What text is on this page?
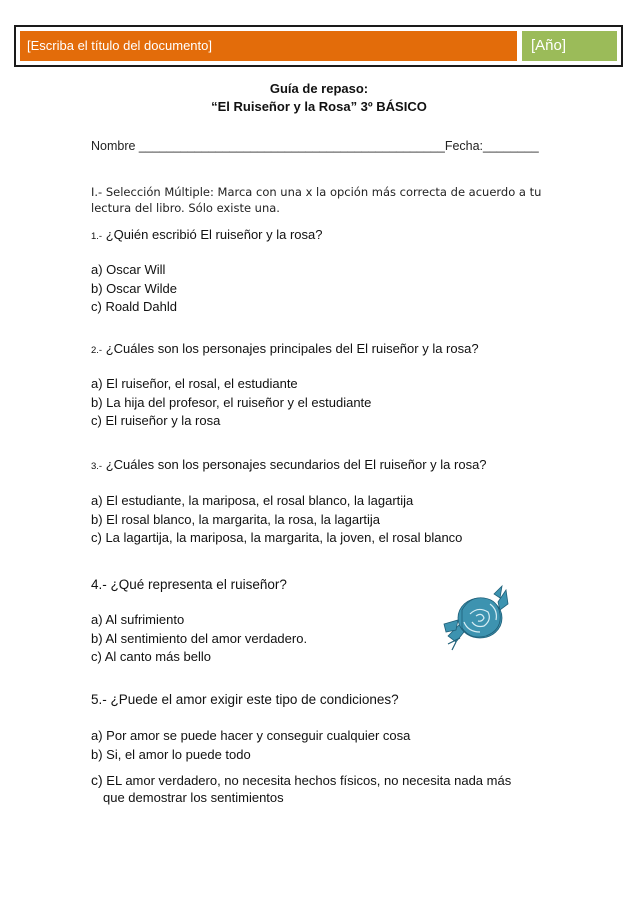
[Escriba el título del documento]	[Año]
Guía de repaso:
“El Ruiseñor y la Rosa” 3º BÁSICO
Nombre ____________________________________________Fecha:________
I.- Selección Múltiple: Marca con una x la opción más correcta de acuerdo a tu lectura del libro. Sólo existe una.
1.- ¿Quién escribió El ruiseñor y la rosa?
a) Oscar Will
b) Oscar Wilde
c) Roald Dahld
2.- ¿Cuáles son los personajes principales del El ruiseñor y la rosa?
a) El ruiseñor, el rosal, el estudiante
b) La hija del profesor, el ruiseñor y el estudiante
c) El ruiseñor y la rosa
3.- ¿Cuáles son los personajes secundarios del El ruiseñor y la rosa?
a) El estudiante, la mariposa, el rosal blanco, la lagartija
b) El rosal blanco, la margarita, la rosa, la lagartija
c) La lagartija, la mariposa, la margarita, la joven, el rosal blanco
4.- ¿Qué representa el ruiseñor?
a) Al sufrimiento
b) Al sentimiento del amor verdadero.
c) Al canto más bello
5.- ¿Puede el amor exigir este tipo de condiciones?
a) Por amor se puede hacer y conseguir cualquier cosa
b) Si, el amor lo puede todo
c) EL amor verdadero, no necesita hechos físicos, no necesita nada más
que demostrar los sentimientos
